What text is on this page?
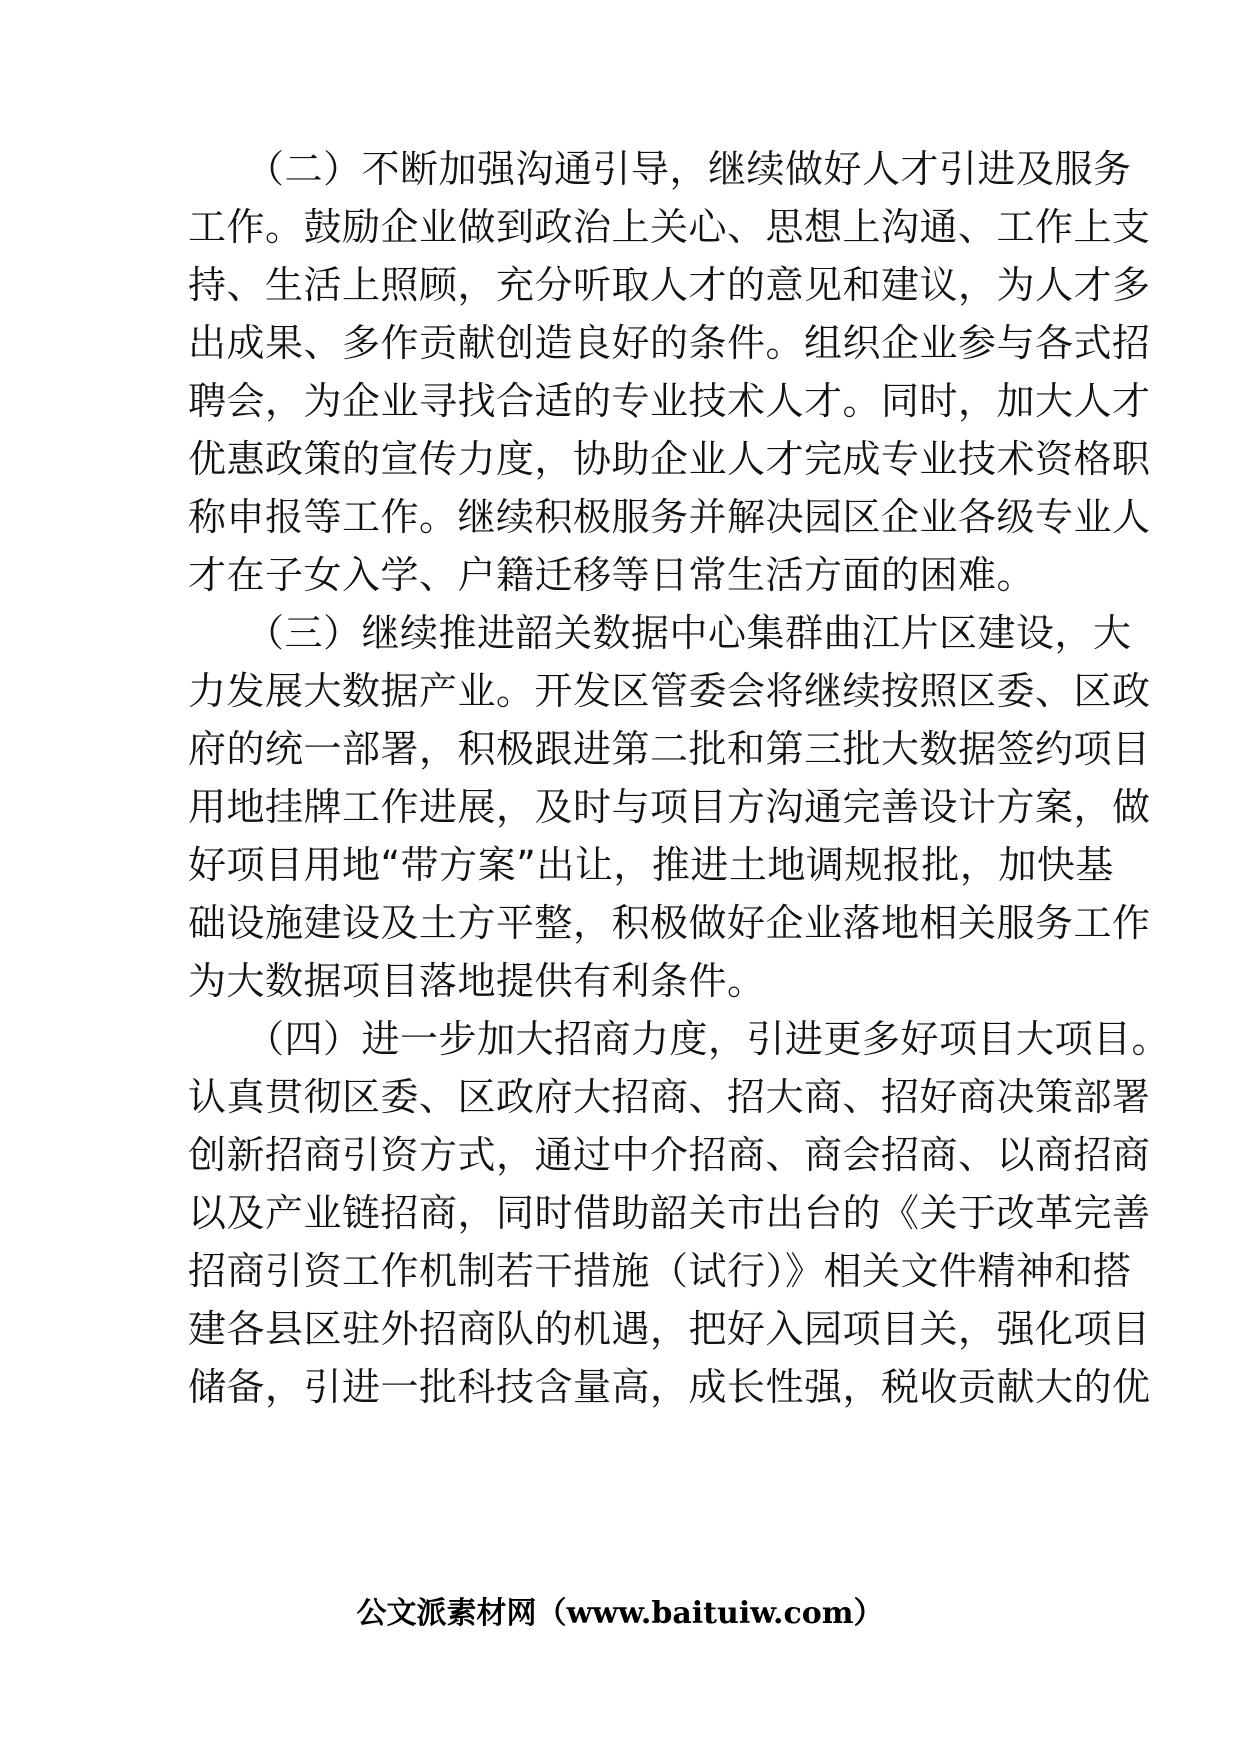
　　（二）不断加强沟通引导，继续做好人才引进及服务
工作。鼓励企业做到政治上关心、思想上沟通、工作上支
持、生活上照顾，充分听取人才的意见和建议，为人才多
出成果、多作贡献创造良好的条件。组织企业参与各式招
聘会，为企业寻找合适的专业技术人才。同时，加大人才
优惠政策的宣传力度，协助企业人才完成专业技术资格职
称申报等工作。继续积极服务并解决园区企业各级专业人
才在子女入学、户籍迁移等日常生活方面的困难。
　　（三）继续推进韶关数据中心集群曲江片区建设，大
力发展大数据产业。开发区管委会将继续按照区委、区政
府的统一部署，积极跟进第二批和第三批大数据签约项目
用地挂牌工作进展，及时与项目方沟通完善设计方案，做
好项目用地“带方案”出让，推进土地调规报批，加快基
础设施建设及土方平整，积极做好企业落地相关服务工作
为大数据项目落地提供有利条件。
　　（四）进一步加大招商力度，引进更多好项目大项目。
认真贯彻区委、区政府大招商、招大商、招好商决策部署
创新招商引资方式，通过中介招商、商会招商、以商招商
以及产业链招商，同时借助韶关市出台的《关于改革完善
招商引资工作机制若干措施（试行）》相关文件精神和搭
建各县区驻外招商队的机遇，把好入园项目关，强化项目
储备，引进一批科技含量高，成长性强，税收贡献大的优
公文派素材网（www.baituiw.com）
